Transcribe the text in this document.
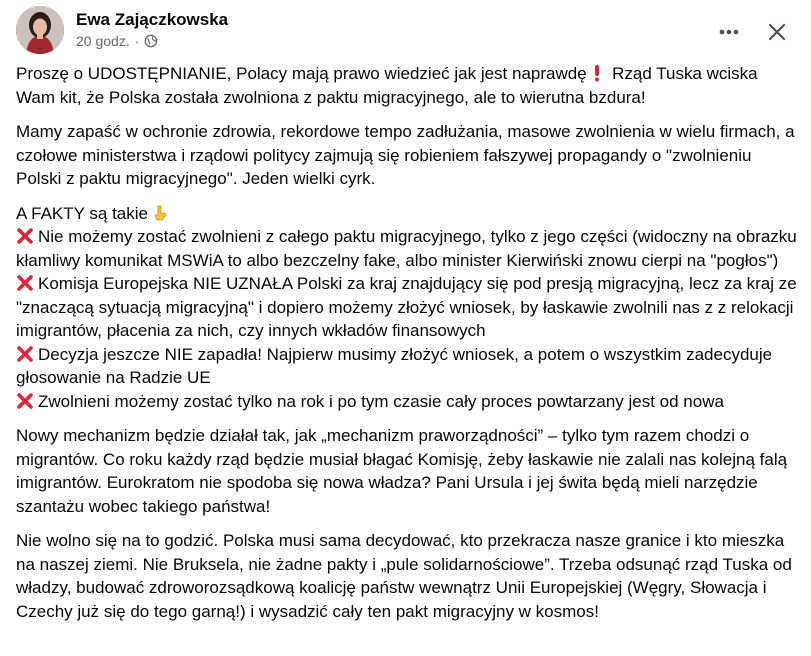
Ewa Zajączkowska
20 godz. ·

Proszę o UDOSTĘPNIANIE, Polacy mają prawo wiedzieć jak jest naprawdę Rząd Tuska wciska Wam kit, że Polska została zwolniona z paktu migracyjnego, ale to wierutna bzdura!

Mamy zapaść w ochronie zdrowia, rekordowe tempo zadłużania, masowe zwolnienia w wielu firmach, a czołowe ministerstwa i rządowi politycy zajmują się robieniem fałszywej propagandy o "zwolnieniu Polski z paktu migracyjnego". Jeden wielki cyrk.

A FAKTY są takie
Nie możemy zostać zwolnieni z całego paktu migracyjnego, tylko z jego części (widoczny na obrazku kłamliwy komunikat MSWiA to albo bezczelny fake, albo minister Kierwiński znowu cierpi na "pogłos")
Komisja Europejska NIE UZNAŁA Polski za kraj znajdujący się pod presją migracyjną, lecz za kraj ze "znaczącą sytuacją migracyjną" i dopiero możemy złożyć wniosek, by łaskawie zwolnili nas z z relokacji imigrantów, płacenia za nich, czy innych wkładów finansowych
Decyzja jeszcze NIE zapadła! Najpierw musimy złożyć wniosek, a potem o wszystkim zadecyduje głosowanie na Radzie UE
Zwolnieni możemy zostać tylko na rok i po tym czasie cały proces powtarzany jest od nowa

Nowy mechanizm będzie działał tak, jak „mechanizm praworządności” – tylko tym razem chodzi o migrantów. Co roku każdy rząd będzie musiał błagać Komisję, żeby łaskawie nie zalali nas kolejną falą imigrantów. Eurokratom nie spodoba się nowa władza? Pani Ursula i jej świta będą mieli narzędzie szantażu wobec takiego państwa!

Nie wolno się na to godzić. Polska musi sama decydować, kto przekracza nasze granice i kto mieszka na naszej ziemi. Nie Bruksela, nie żadne pakty i „pule solidarnościowe”. Trzeba odsunąć rząd Tuska od władzy, budować zdroworozsądkową koalicję państw wewnątrz Unii Europejskiej (Węgry, Słowacja i Czechy już się do tego garną!) i wysadzić cały ten pakt migracyjny w kosmos!
